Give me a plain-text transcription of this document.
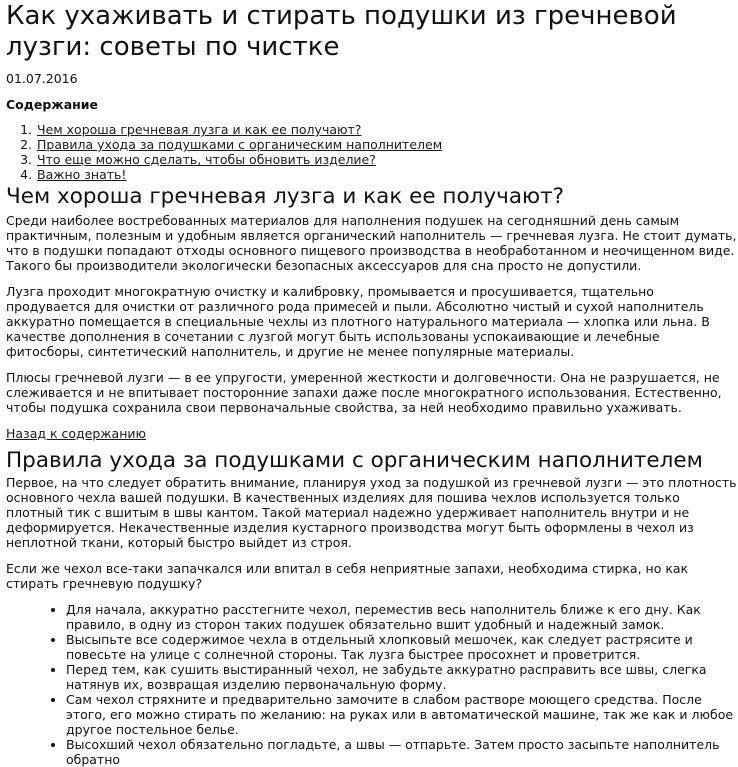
Как ухаживать и стирать подушки из гречневой лузги: советы по чистке
01.07.2016
Содержание
1. Чем хороша гречневая лузга и как ее получают?
2. Правила ухода за подушками с органическим наполнителем
3. Что еще можно сделать, чтобы обновить изделие?
4. Важно знать!
Чем хороша гречневая лузга и как ее получают?

Среди наиболее востребованных материалов для наполнения подушек на сегодняшний день самым практичным, полезным и удобным является органический наполнитель — гречневая лузга. Не стоит думать, что в подушки попадают отходы основного пищевого производства в необработанном и неочищенном виде. Такого бы производители экологически безопасных аксессуаров для сна просто не допустили.

Лузга проходит многократную очистку и калибровку, промывается и просушивается, тщательно продувается для очистки от различного рода примесей и пыли. Абсолютно чистый и сухой наполнитель аккуратно помещается в специальные чехлы из плотного натурального материала — хлопка или льна. В качестве дополнения в сочетании с лузгой могут быть использованы успокаивающие и лечебные фитосборы, синтетический наполнитель, и другие не менее популярные материалы.

Плюсы гречневой лузги — в ее упругости, умеренной жесткости и долговечности. Она не разрушается, не слеживается и не впитывает посторонние запахи даже после многократного использования. Естественно, чтобы подушка сохранила свои первоначальные свойства, за ней необходимо правильно ухаживать.

Назад к содержанию
Правила ухода за подушками с органическим наполнителем

Первое, на что следует обратить внимание, планируя уход за подушкой из гречневой лузги — это плотность основного чехла вашей подушки. В качественных изделиях для пошива чехлов используется только плотный тик с вшитым в швы кантом. Такой материал надежно удерживает наполнитель внутри и не деформируется. Некачественные изделия кустарного производства могут быть оформлены в чехол из неплотной ткани, который быстро выйдет из строя.

Если же чехол все-таки запачкался или впитал в себя неприятные запахи, необходима стирка, но как стирать гречневую подушку?

• Для начала, аккуратно расстегните чехол, переместив весь наполнитель ближе к его дну. Как правило, в одну из сторон таких подушек обязательно вшит удобный и надежный замок.
• Высыпьте все содержимое чехла в отдельный хлопковый мешочек, как следует растрясите и повесьте на улице с солнечной стороны. Так лузга быстрее просохнет и проветрится.
• Перед тем, как сушить выстиранный чехол, не забудьте аккуратно расправить все швы, слегка натянув их, возвращая изделию первоначальную форму.
• Сам чехол стряхните и предварительно замочите в слабом растворе моющего средства. После этого, его можно стирать по желанию: на руках или в автоматической машине, так же как и любое другое постельное белье.
• Высохший чехол обязательно погладьте, а швы — отпарьте. Затем просто засыпьте наполнитель обратно
